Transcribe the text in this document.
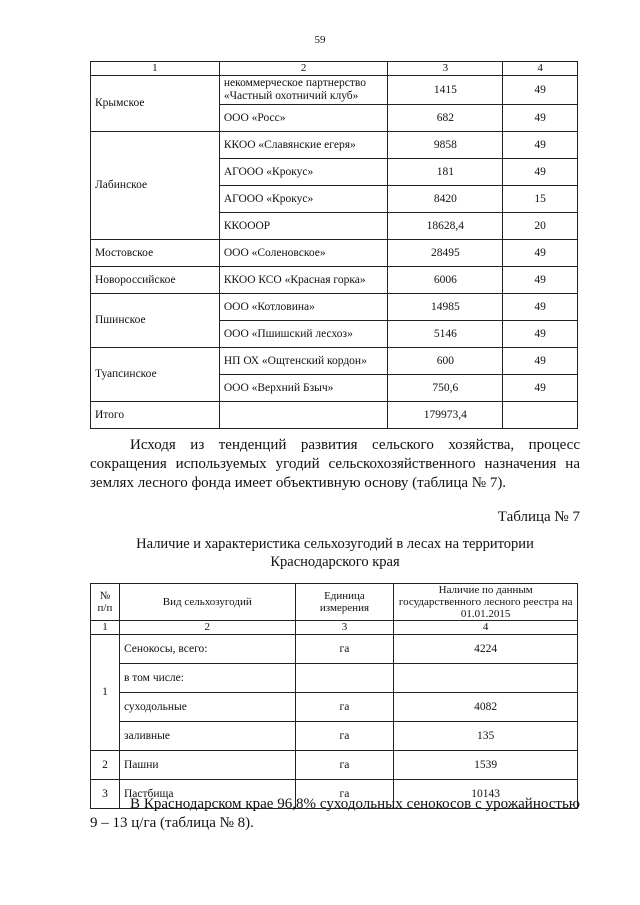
59
1	2	3	4
Крымское	некоммерческое партнерство «Частный охотничий клуб»	1415	49
	ООО «Росс»	682	49
Лабинское	ККОО «Славянские егеря»	9858	49
	АГООО «Крокус»	181	49
	АГООО «Крокус»	8420	15
	ККОООР	18628,4	20
Мостовское	ООО «Соленовское»	28495	49
Новороссийское	ККОО КСО «Красная горка»	6006	49
Пшинское	ООО «Котловина»	14985	49
	ООО «Пшишский лесхоз»	5146	49
Туапсинское	НП ОХ «Ощтенский кордон»	600	49
	ООО «Верхний Бзыч»	750,6	49
Итого		179973,4	
Исходя из тенденций развития сельского хозяйства, процесс сокращения используемых угодий сельскохозяйственного назначения на землях лесного фонда имеет объективную основу (таблица № 7).
Таблица № 7
Наличие и характеристика сельхозугодий в лесах на территории Краснодарского края
№ п/п	Вид сельхозугодий	Единица измерения	Наличие по данным государственного лесного реестра на 01.01.2015
1	2	3	4
1	Сенокосы, всего:	га	4224
	в том числе:		
	суходольные	га	4082
	заливные	га	135
2	Пашни	га	1539
3	Пастбища	га	10143
В Краснодарском крае 96,8% суходольных сенокосов с урожайностью 9 – 13 ц/га (таблица № 8).
